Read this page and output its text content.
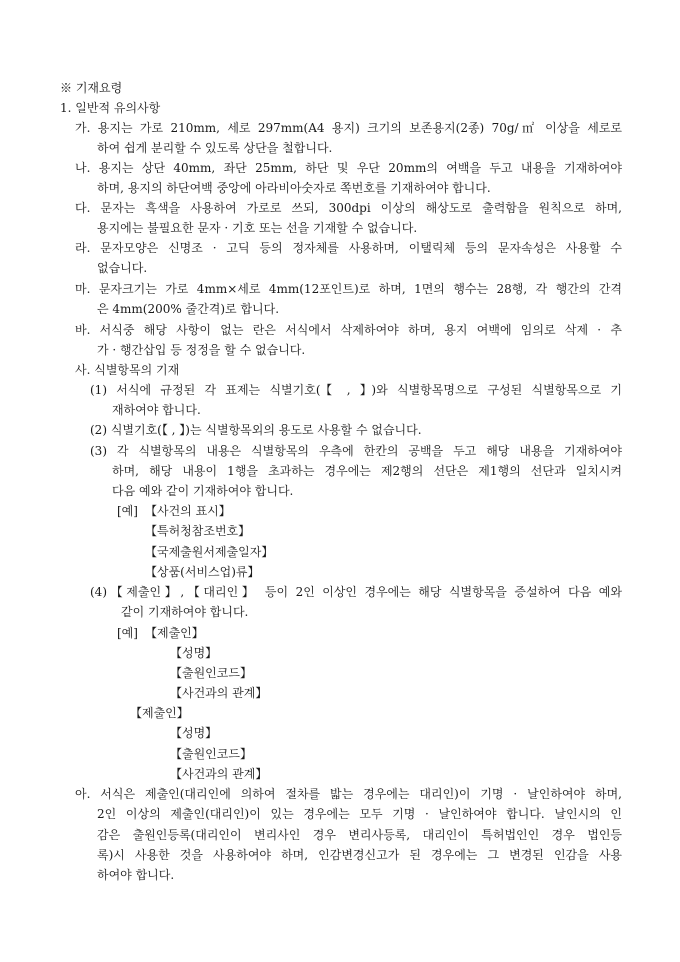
※ 기재요령
1. 일반적 유의사항
가. 용지는 가로 210mm, 세로 297mm(A4 용지) 크기의 보존용지(2종) 70g/㎡ 이상을 세로로
하여 쉽게 분리할 수 있도록 상단을 철합니다.
나. 용지는 상단 40mm, 좌단 25mm, 하단 및 우단 20mm의 여백을 두고 내용을 기재하여야
하며, 용지의 하단여백 중앙에 아라비아숫자로 쪽번호를 기재하여야 합니다.
다. 문자는 흑색을 사용하여 가로로 쓰되, 300dpi 이상의 해상도로 출력함을 원칙으로 하며,
용지에는 불필요한 문자 · 기호 또는 선을 기재할 수 없습니다.
라. 문자모양은 신명조 · 고딕 등의 정자체를 사용하며, 이탤릭체 등의 문자속성은 사용할 수
없습니다.
마. 문자크기는 가로 4mm×세로 4mm(12포인트)로 하며, 1면의 행수는 28행, 각 행간의 간격
은 4mm(200% 줄간격)로 합니다.
바. 서식중 해당 사항이 없는 란은 서식에서 삭제하여야 하며, 용지 여백에 임의로 삭제 · 추
가 · 행간삽입 등 정정을 할 수 없습니다.
사. 식별항목의 기재
(1) 서식에 규정된 각 표제는 식별기호(【 , 】)와 식별항목명으로 구성된 식별항목으로 기
재하여야 합니다.
(2) 식별기호(【 , 】)는 식별항목외의 용도로 사용할 수 없습니다.
(3) 각 식별항목의 내용은 식별항목의 우측에 한칸의 공백을 두고 해당 내용을 기재하여야
하며, 해당 내용이 1행을 초과하는 경우에는 제2행의 선단은 제1행의 선단과 일치시켜
다음 예와 같이 기재하여야 합니다.
[예] 【사건의 표시】
【특허청참조번호】
【국제출원서제출일자】
【상품(서비스업)류】
(4)【제출인】,【대리인】 등이 2인 이상인 경우에는 해당 식별항목을 증설하여 다음 예와
같이 기재하여야 합니다.
[예] 【제출인】
【성명】
【출원인코드】
【사건과의 관계】
【제출인】
【성명】
【출원인코드】
【사건과의 관계】
아. 서식은 제출인(대리인에 의하여 절차를 밟는 경우에는 대리인)이 기명 · 날인하여야 하며,
2인 이상의 제출인(대리인)이 있는 경우에는 모두 기명 · 날인하여야 합니다. 날인시의 인
감은 출원인등록(대리인이 변리사인 경우 변리사등록, 대리인이 특허법인인 경우 법인등
록)시 사용한 것을 사용하여야 하며, 인감변경신고가 된 경우에는 그 변경된 인감을 사용
하여야 합니다.
